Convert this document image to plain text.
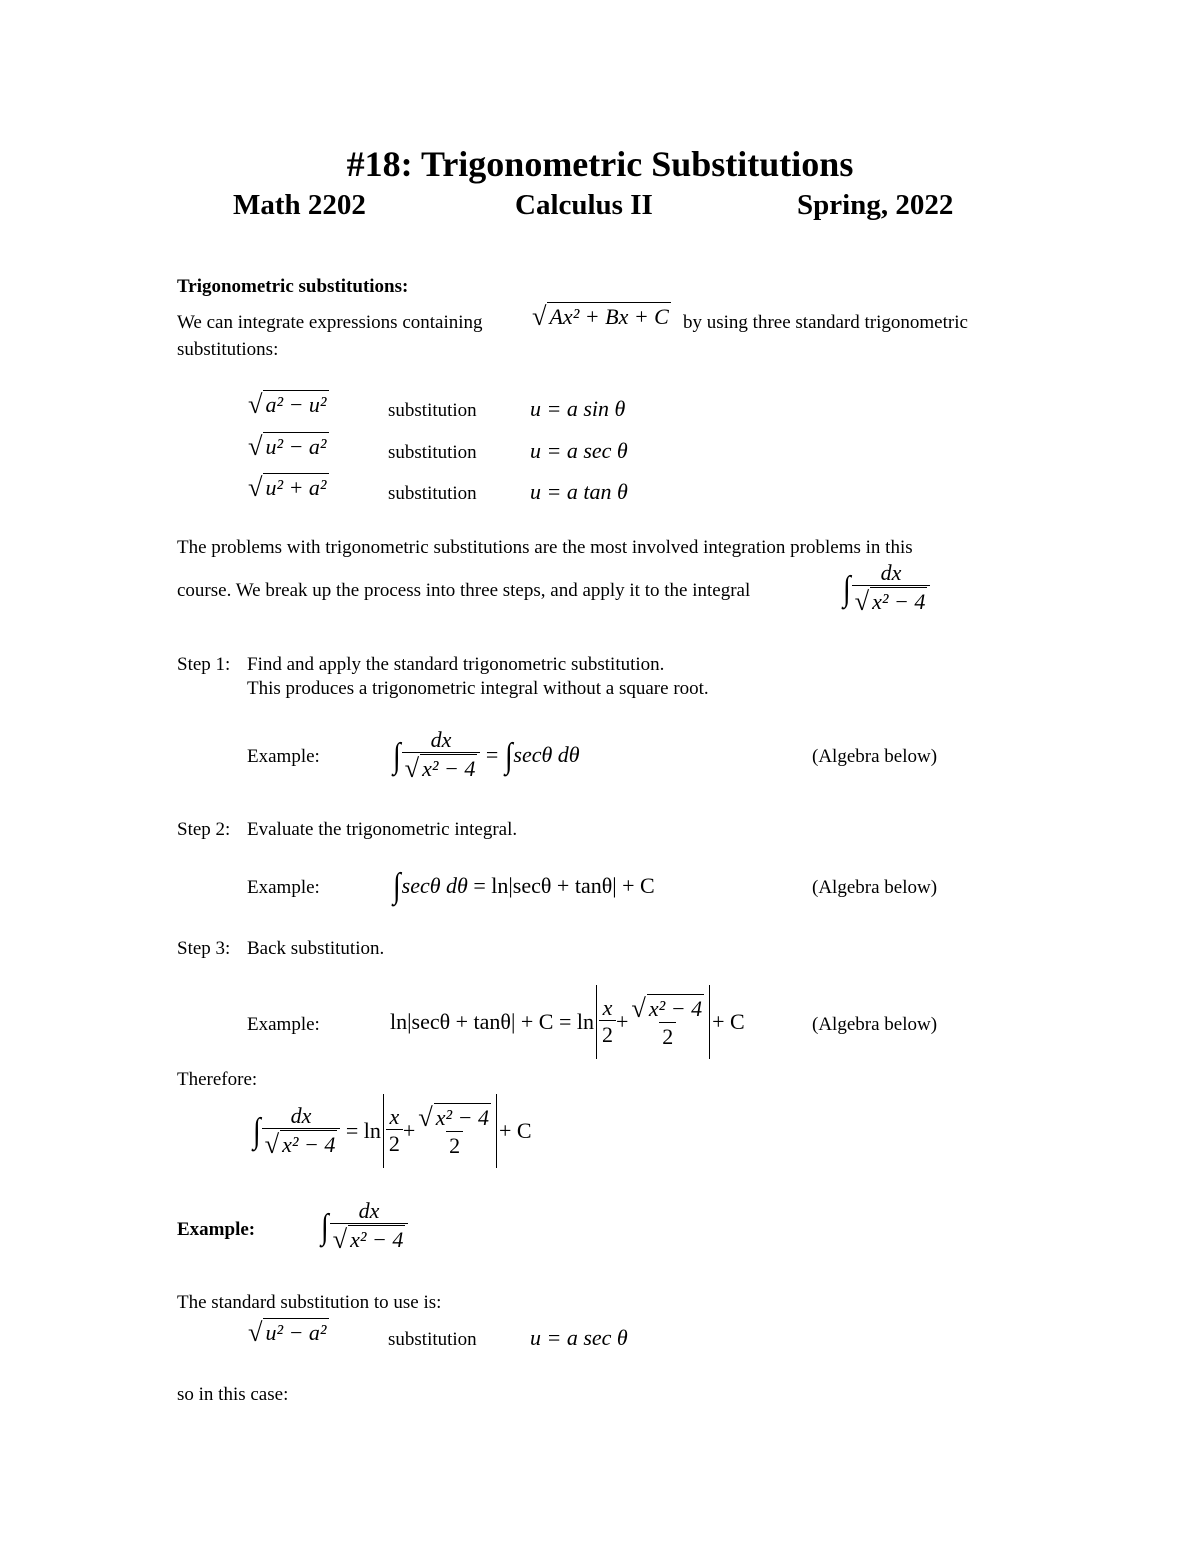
#18: Trigonometric Substitutions
Math 2202	Calculus II	Spring, 2022
Trigonometric substitutions:
We can integrate expressions containing √ Ax² + Bx + C by using three standard trigonometric
substitutions:
√ a² − u²	substitution u = a sin θ
√ u² − a²	substitution u = a sec θ
√ u² + a²	substitution u = a tan θ
The problems with trigonometric substitutions are the most involved integration problems in this
course. We break up the process into three steps, and apply it to the integral	∫ $\frac{dx}{\text{√ x² − 4}}$
Step 1: Find and apply the standard trigonometric substitution.
This produces a trigonometric integral without a square root.
Example: ∫ $\frac{dx}{\text{√ x² − 4}}$ = ∫ secθ dθ	(Algebra below)
Step 2: Evaluate the trigonometric integral.
Example: ∫ secθ dθ = ln|secθ + tanθ| + C	(Algebra below)
Step 3: Back substitution.
Example:	$\ln|\sec\theta + \tan\theta| + C = \ln \frac{x}{2} + \frac{\text{√ x² − 4}}{2} + C$	(Algebra below)
Therefore:
∫ $\frac{dx}{\text{√ x² − 4}} = \ln \frac{x}{2} + \frac{\text{√ x² − 4}}{2} + C$
Example: ∫ $\frac{dx}{\text{√ x² − 4}}$
The standard substitution to use is:
√ u² − a²	substitution u = a sec θ
so in this case:
